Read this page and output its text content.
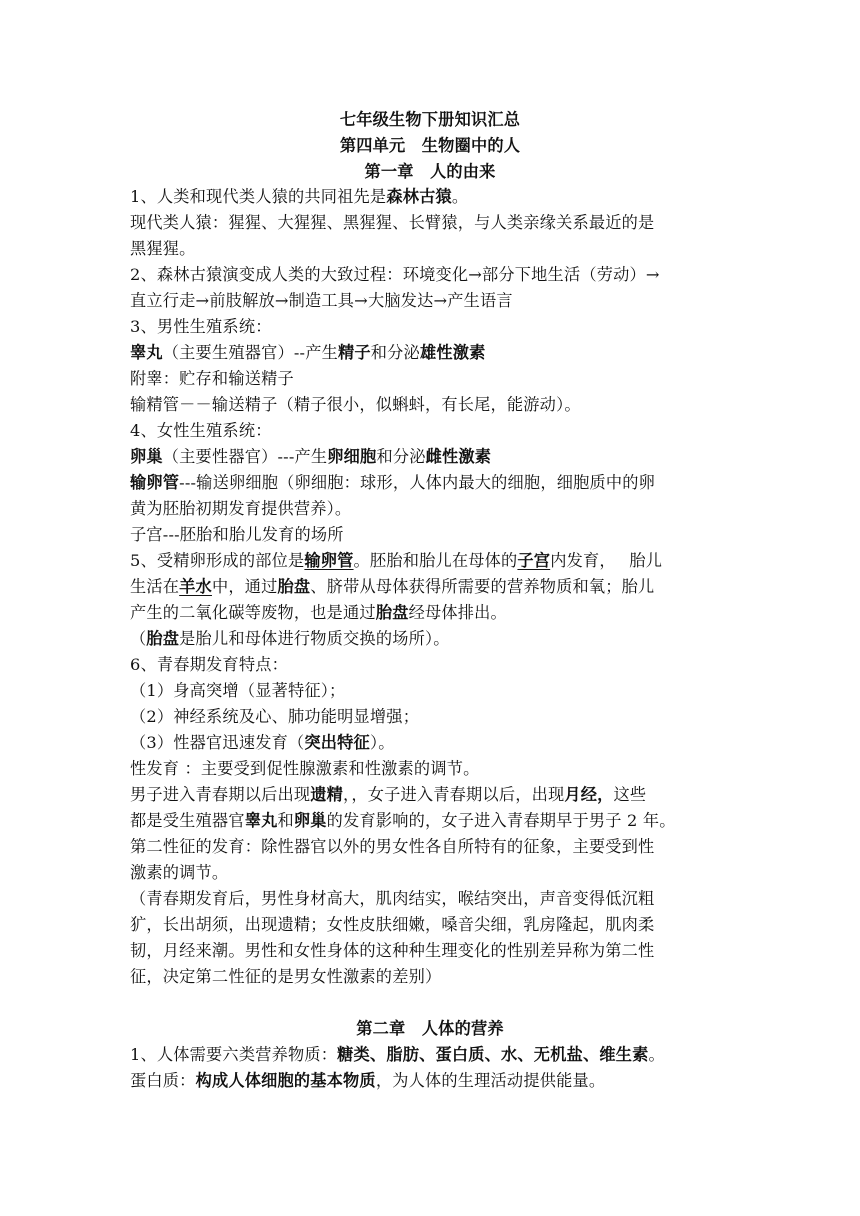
七年级生物下册知识汇总
第四单元　生物圈中的人
第一章　人的由来
1、人类和现代类人猿的共同祖先是森林古猿。
现代类人猿：猩猩、大猩猩、黑猩猩、长臂猿，与人类亲缘关系最近的是
黑猩猩。
2、森林古猿演变成人类的大致过程：环境变化→部分下地生活（劳动）→
直立行走→前肢解放→制造工具→大脑发达→产生语言
3、男性生殖系统：
睾丸（主要生殖器官）--产生精子和分泌雄性激素
附睾：贮存和输送精子
输精管－－输送精子（精子很小，似蝌蚪，有长尾，能游动）。
4、女性生殖系统：
卵巢（主要性器官）---产生卵细胞和分泌雌性激素
输卵管---输送卵细胞（卵细胞：球形，人体内最大的细胞，细胞质中的卵
黄为胚胎初期发育提供营养）。
子宫---胚胎和胎儿发育的场所
5、受精卵形成的部位是输卵管。胚胎和胎儿在母体的子宫内发育，　 胎儿
生活在羊水中，通过胎盘、脐带从母体获得所需要的营养物质和氧；胎儿
产生的二氧化碳等废物，也是通过胎盘经母体排出。
（胎盘是胎儿和母体进行物质交换的场所）。
6、青春期发育特点：
（1）身高突增（显著特征）；
（2）神经系统及心、肺功能明显增强；
（3）性器官迅速发育（突出特征）。
性发育 ：主要受到促性腺激素和性激素的调节。
男子进入青春期以后出现遗精，，女子进入青春期以后，出现月经，这些
都是受生殖器官睾丸和卵巢的发育影响的，女子进入青春期早于男子 2 年。
第二性征的发育：除性器官以外的男女性各自所特有的征象，主要受到性
激素的调节。
（青春期发育后，男性身材高大，肌肉结实，喉结突出，声音变得低沉粗
犷，长出胡须，出现遗精；女性皮肤细嫩，嗓音尖细，乳房隆起，肌肉柔
韧，月经来潮。男性和女性身体的这种种生理变化的性别差异称为第二性
征，决定第二性征的是男女性激素的差别）
第二章　人体的营养
1、人体需要六类营养物质：糖类、脂肪、蛋白质、水、无机盐、维生素。
蛋白质：构成人体细胞的基本物质，为人体的生理活动提供能量。
